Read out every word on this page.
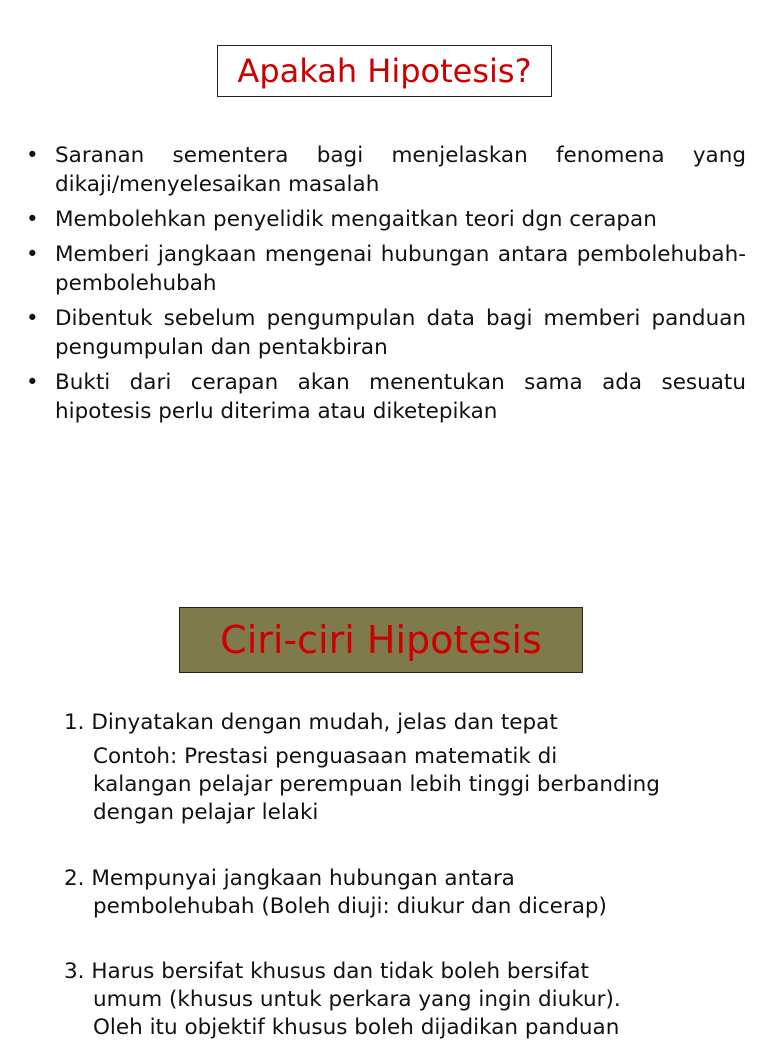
Apakah Hipotesis?
• Saranan sementera bagi menjelaskan fenomena yang dikaji/menyelesaikan masalah
• Membolehkan penyelidik mengaitkan teori dgn cerapan
• Memberi jangkaan mengenai hubungan antara pembolehubah-pembolehubah
• Dibentuk sebelum pengumpulan data bagi memberi panduan pengumpulan dan pentakbiran
• Bukti dari cerapan akan menentukan sama ada sesuatu hipotesis perlu diterima atau diketepikan
Ciri-ciri Hipotesis
1. Dinyatakan dengan mudah, jelas dan tepat
Contoh: Prestasi penguasaan matematik di
kalangan pelajar perempuan lebih tinggi berbanding
dengan pelajar lelaki
2. Mempunyai jangkaan hubungan antara
pembolehubah (Boleh diuji: diukur dan dicerap)
3. Harus bersifat khusus dan tidak boleh bersifat
umum (khusus untuk perkara yang ingin diukur).
Oleh itu objektif khusus boleh dijadikan panduan
